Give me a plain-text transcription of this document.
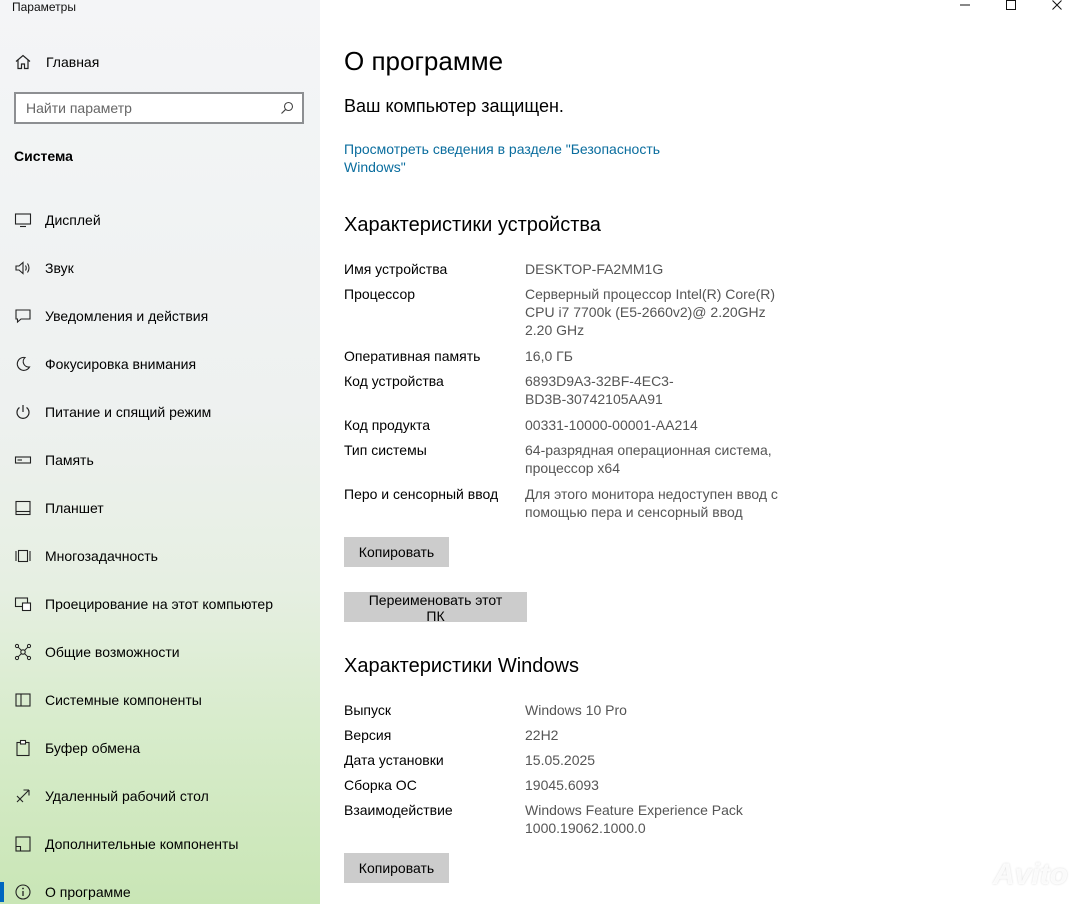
Параметры
Главная
Найти параметр
Система
Дисплей
Звук
Уведомления и действия
Фокусировка внимания
Питание и спящий режим
Память
Планшет
Многозадачность
Проецирование на этот компьютер
Общие возможности
Системные компоненты
Буфер обмена
Удаленный рабочий стол
Дополнительные компоненты
О программе
О программе
Ваш компьютер защищен.
Просмотреть сведения в разделе "Безопасность Windows"
Характеристики устройства
Имя устройства	DESKTOP-FA2MM1G
Процессор	Серверный процессор Intel(R) Core(R) CPU i7 7700k (E5-2660v2)@ 2.20GHz 2.20 GHz
Оперативная память	16,0 ГБ
Код устройства	6893D9A3-32BF-4EC3-BD3B-30742105AA91
Код продукта	00331-10000-00001-AA214
Тип системы	64-разрядная операционная система, процессор x64
Перо и сенсорный ввод	Для этого монитора недоступен ввод с помощью пера и сенсорный ввод
Копировать
Переименовать этот ПК
Характеристики Windows
Выпуск	Windows 10 Pro
Версия	22H2
Дата установки	15.05.2025
Сборка ОС	19045.6093
Взаимодействие	Windows Feature Experience Pack 1000.19062.1000.0
Копировать	Avito
